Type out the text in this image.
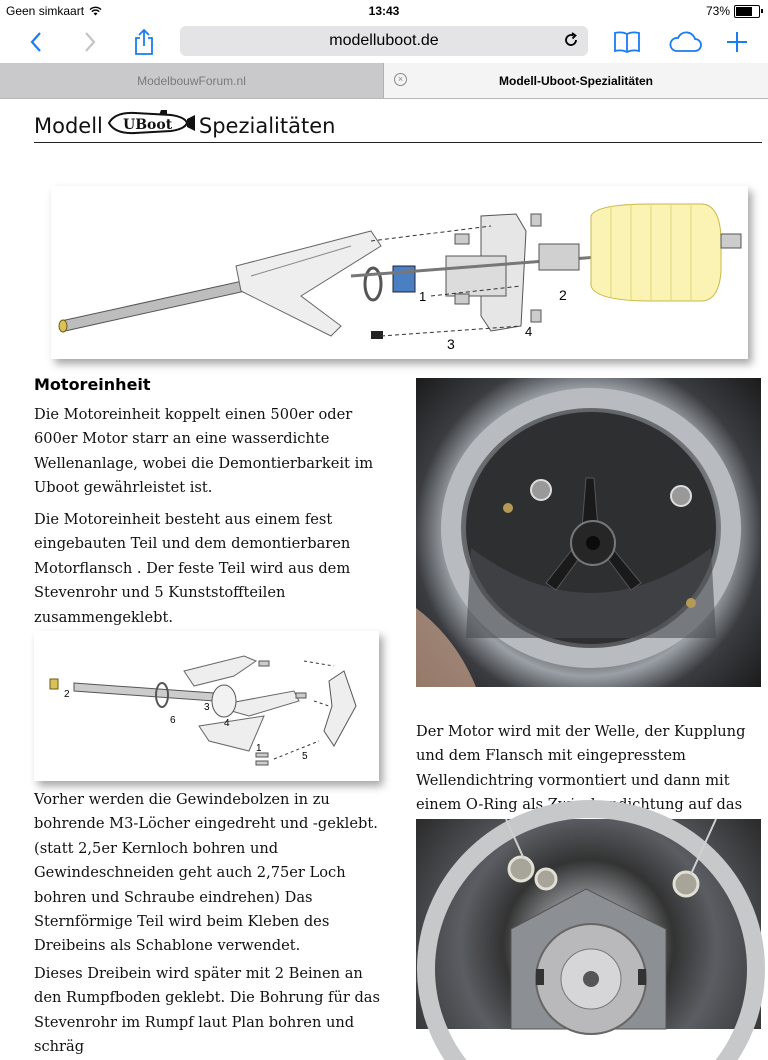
Geen simkaart	13:43	73%
modelluboot.de
ModelbouwForum.nl	×	Modell-Uboot-Spezialitäten
Modell UBoot Spezialitäten
1	2
3
4
Motoreinheit
Die Motoreinheit koppelt einen 500er oder 600er Motor starr an eine wasserdichte Wellenanlage, wobei die Demontierbarkeit im Uboot gewährleistet ist.
Die Motoreinheit besteht aus einem fest eingebauten Teil und dem demontierbaren Motorflansch . Der feste Teil wird aus dem Stevenrohr und 5 Kunststoffteilen zusammengeklebt.
2
6
3
4
1
5
Vorher werden die Gewindebolzen in zu bohrende M3-Löcher eingedreht und -geklebt. (statt 2,5er Kernloch bohren und Gewindeschneiden geht auch 2,75er Loch bohren und Schraube eindrehen) Das Sternförmige Teil wird beim Kleben des Dreibeins als Schablone verwendet.
Dieses Dreibein wird später mit 2 Beinen an den Rumpfboden geklebt. Die Bohrung für das Stevenrohr im Rumpf laut Plan bohren und schräg
Der Motor wird mit der Welle, der Kupplung und dem Flansch mit eingepresstem Wellendichtring vormontiert und dann mit einem O-Ring als Zwischendichtung auf das
